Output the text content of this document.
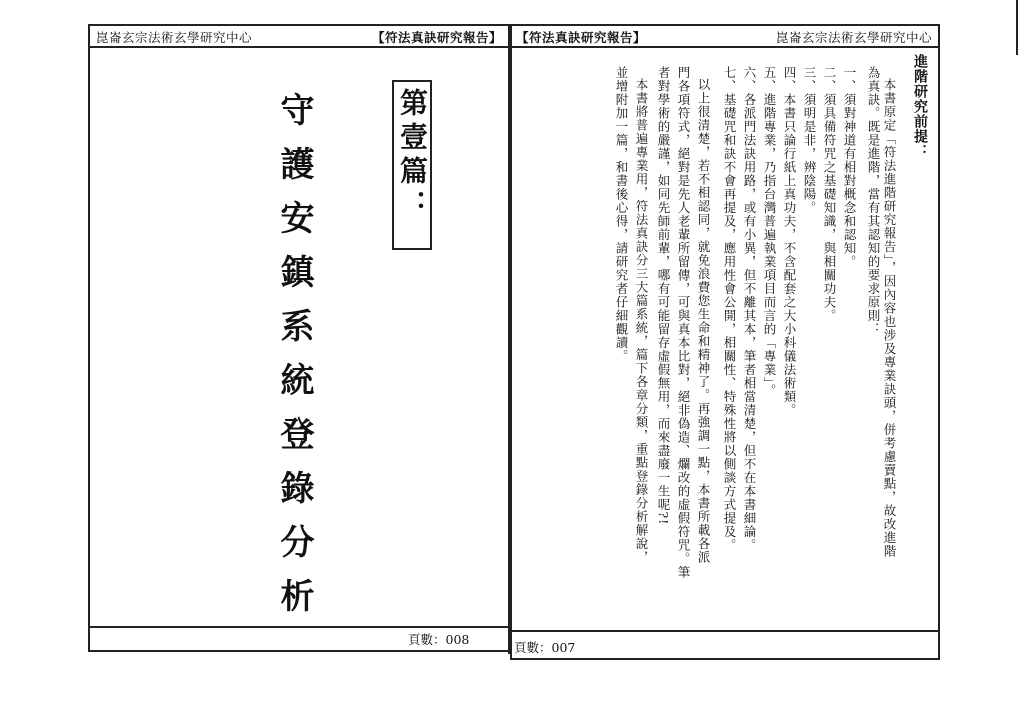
崑崙玄宗法術玄學研究中心	【符法真訣研究報告】
第壹篇：
守護安鎮系統登錄分析
頁數：008
【符法真訣研究報告】	崑崙玄宗法術玄學研究中心
進階研究前提：
本書原定「符法進階研究報告」，因內容也涉及專業訣頭，併考慮賣點，故改進階
為真訣。既是進階，當有其認知的要求原則：
一、須對神道有相對概念和認知。
二、須具備符咒之基礎知識，與相關功夫。
三、須明是非，辨陰陽。
四、本書只論行紙上真功夫，不含配套之大小科儀法術類。
五、進階專業，乃指台灣普遍執業項目而言的「專業」。
六、各派門法訣用路，或有小異，但不離其本，筆者相當清楚，但不在本書細論。
七、基礎咒和訣不會再提及，應用性會公開，相關性、特殊性將以側談方式提及。
以上很清楚，若不相認同，就免浪費您生命和精神了。再強調一點，本書所載各派
門各項符式，絕對是先人老輩所留傳，可與真本比對，絕非偽造、爛改的虛假符咒。筆
者對學術的嚴謹，如同先師前輩，哪有可能留存虛假無用，而來盡廢一生呢?!
本書將普遍專業用，符法真訣分三大篇系統，篇下各章分類，重點登錄分析解說，
並增附加一篇，和書後心得，請研究者仔細觀讀。
頁數：007
